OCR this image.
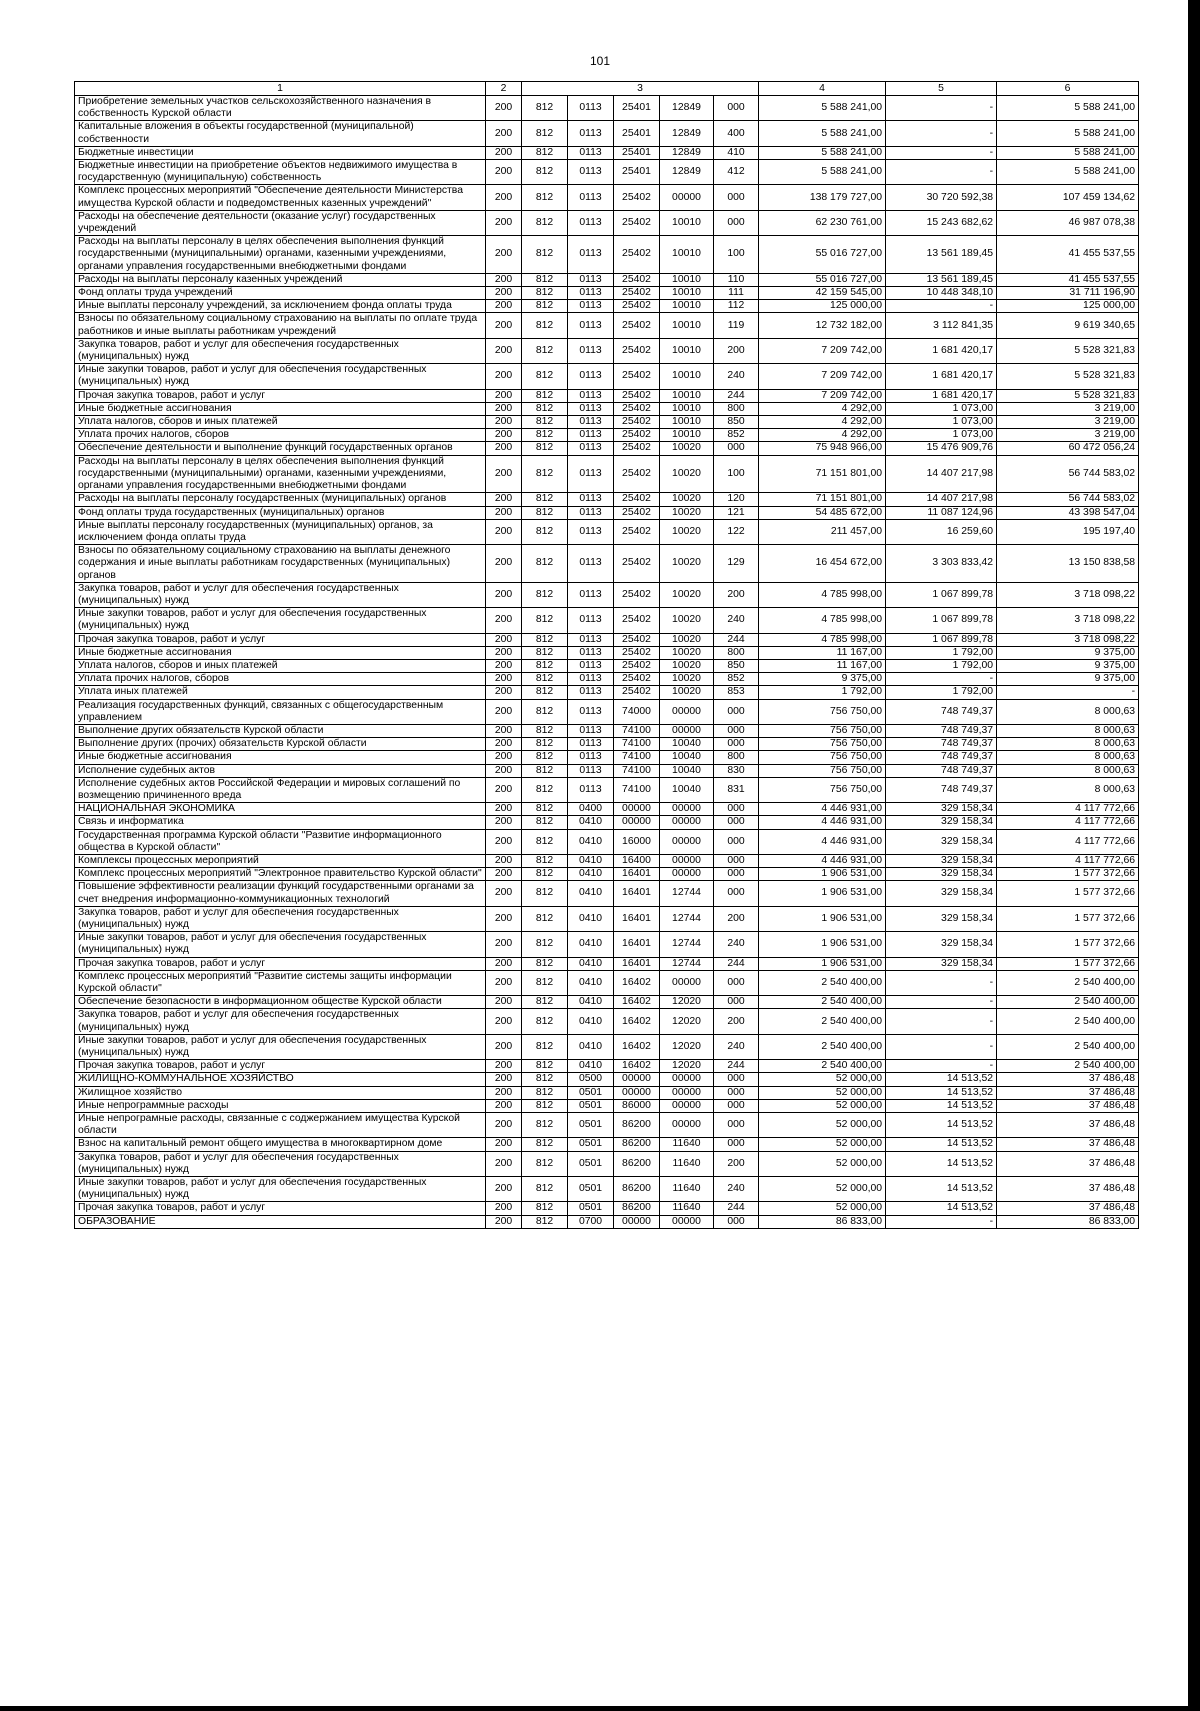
101
1	2	3					4	5	6
Приобретение земельных участков сельскохозяйственного назначения в собственность Курской области	200	812	0113	25401	12849	000	5 588 241,00	-	5 588 241,00
Капитальные вложения в объекты государственной (муниципальной) собственности	200	812	0113	25401	12849	400	5 588 241,00	-	5 588 241,00
Бюджетные инвестиции	200	812	0113	25401	12849	410	5 588 241,00	-	5 588 241,00
Бюджетные инвестиции на приобретение объектов недвижимого имущества в государственную (муниципальную) собственность	200	812	0113	25401	12849	412	5 588 241,00	-	5 588 241,00
Комплекс процессных мероприятий "Обеспечение деятельности Министерства имущества Курской области и подведомственных казенных учреждений"	200	812	0113	25402	00000	000	138 179 727,00	30 720 592,38	107 459 134,62
Расходы на обеспечение деятельности (оказание услуг) государственных учреждений	200	812	0113	25402	10010	000	62 230 761,00	15 243 682,62	46 987 078,38
Расходы на выплаты персоналу в целях обеспечения выполнения функций государственными (муниципальными) органами, казенными учреждениями, органами управления государственными внебюджетными фондами	200	812	0113	25402	10010	100	55 016 727,00	13 561 189,45	41 455 537,55
Расходы на выплаты персоналу казенных учреждений	200	812	0113	25402	10010	110	55 016 727,00	13 561 189,45	41 455 537,55
Фонд оплаты труда учреждений	200	812	0113	25402	10010	111	42 159 545,00	10 448 348,10	31 711 196,90
Иные выплаты персоналу учреждений, за исключением фонда оплаты труда	200	812	0113	25402	10010	112	125 000,00	-	125 000,00
Взносы по обязательному социальному страхованию на выплаты по оплате труда работников и иные выплаты работникам учреждений	200	812	0113	25402	10010	119	12 732 182,00	3 112 841,35	9 619 340,65
Закупка товаров, работ и услуг для обеспечения государственных (муниципальных) нужд	200	812	0113	25402	10010	200	7 209 742,00	1 681 420,17	5 528 321,83
Иные закупки товаров, работ и услуг для обеспечения государственных (муниципальных) нужд	200	812	0113	25402	10010	240	7 209 742,00	1 681 420,17	5 528 321,83
Прочая закупка товаров, работ и услуг	200	812	0113	25402	10010	244	7 209 742,00	1 681 420,17	5 528 321,83
Иные бюджетные ассигнования	200	812	0113	25402	10010	800	4 292,00	1 073,00	3 219,00
Уплата налогов, сборов и иных платежей	200	812	0113	25402	10010	850	4 292,00	1 073,00	3 219,00
Уплата прочих налогов, сборов	200	812	0113	25402	10010	852	4 292,00	1 073,00	3 219,00
Обеспечение деятельности и выполнение функций государственных органов	200	812	0113	25402	10020	000	75 948 966,00	15 476 909,76	60 472 056,24
Расходы на выплаты персоналу в целях обеспечения выполнения функций государственными (муниципальными) органами, казенными учреждениями, органами управления государственными внебюджетными фондами	200	812	0113	25402	10020	100	71 151 801,00	14 407 217,98	56 744 583,02
Расходы на выплаты персоналу государственных (муниципальных) органов	200	812	0113	25402	10020	120	71 151 801,00	14 407 217,98	56 744 583,02
Фонд оплаты труда государственных (муниципальных) органов	200	812	0113	25402	10020	121	54 485 672,00	11 087 124,96	43 398 547,04
Иные выплаты персоналу государственных (муниципальных) органов, за исключением фонда оплаты труда	200	812	0113	25402	10020	122	211 457,00	16 259,60	195 197,40
Взносы по обязательному социальному страхованию на выплаты денежного содержания и иные выплаты работникам государственных (муниципальных) органов	200	812	0113	25402	10020	129	16 454 672,00	3 303 833,42	13 150 838,58
Закупка товаров, работ и услуг для обеспечения государственных (муниципальных) нужд	200	812	0113	25402	10020	200	4 785 998,00	1 067 899,78	3 718 098,22
Иные закупки товаров, работ и услуг для обеспечения государственных (муниципальных) нужд	200	812	0113	25402	10020	240	4 785 998,00	1 067 899,78	3 718 098,22
Прочая закупка товаров, работ и услуг	200	812	0113	25402	10020	244	4 785 998,00	1 067 899,78	3 718 098,22
Иные бюджетные ассигнования	200	812	0113	25402	10020	800	11 167,00	1 792,00	9 375,00
Уплата налогов, сборов и иных платежей	200	812	0113	25402	10020	850	11 167,00	1 792,00	9 375,00
Уплата прочих налогов, сборов	200	812	0113	25402	10020	852	9 375,00	-	9 375,00
Уплата иных платежей	200	812	0113	25402	10020	853	1 792,00	1 792,00	-
Реализация государственных функций, связанных с общегосударственным управлением	200	812	0113	74000	00000	000	756 750,00	748 749,37	8 000,63
Выполнение других обязательств Курской области	200	812	0113	74100	00000	000	756 750,00	748 749,37	8 000,63
Выполнение других (прочих) обязательств Курской области	200	812	0113	74100	10040	000	756 750,00	748 749,37	8 000,63
Иные бюджетные ассигнования	200	812	0113	74100	10040	800	756 750,00	748 749,37	8 000,63
Исполнение судебных актов	200	812	0113	74100	10040	830	756 750,00	748 749,37	8 000,63
Исполнение судебных актов Российской Федерации и мировых соглашений по возмещению причиненного вреда	200	812	0113	74100	10040	831	756 750,00	748 749,37	8 000,63
НАЦИОНАЛЬНАЯ ЭКОНОМИКА	200	812	0400	00000	00000	000	4 446 931,00	329 158,34	4 117 772,66
Связь и информатика	200	812	0410	00000	00000	000	4 446 931,00	329 158,34	4 117 772,66
Государственная программа Курской области "Развитие информационного общества в Курской области"	200	812	0410	16000	00000	000	4 446 931,00	329 158,34	4 117 772,66
Комплексы процессных мероприятий	200	812	0410	16400	00000	000	4 446 931,00	329 158,34	4 117 772,66
Комплекс процессных мероприятий "Электронное правительство Курской области"	200	812	0410	16401	00000	000	1 906 531,00	329 158,34	1 577 372,66
Повышение эффективности реализации функций государственными органами за счет внедрения информационно-коммуникационных технологий	200	812	0410	16401	12744	000	1 906 531,00	329 158,34	1 577 372,66
Закупка товаров, работ и услуг для обеспечения государственных (муниципальных) нужд	200	812	0410	16401	12744	200	1 906 531,00	329 158,34	1 577 372,66
Иные закупки товаров, работ и услуг для обеспечения государственных (муниципальных) нужд	200	812	0410	16401	12744	240	1 906 531,00	329 158,34	1 577 372,66
Прочая закупка товаров, работ и услуг	200	812	0410	16401	12744	244	1 906 531,00	329 158,34	1 577 372,66
Комплекс процессных мероприятий "Развитие системы защиты информации Курской области"	200	812	0410	16402	00000	000	2 540 400,00	-	2 540 400,00
Обеспечение безопасности в информационном обществе Курской области	200	812	0410	16402	12020	000	2 540 400,00	-	2 540 400,00
Закупка товаров, работ и услуг для обеспечения государственных (муниципальных) нужд	200	812	0410	16402	12020	200	2 540 400,00	-	2 540 400,00
Иные закупки товаров, работ и услуг для обеспечения государственных (муниципальных) нужд	200	812	0410	16402	12020	240	2 540 400,00	-	2 540 400,00
Прочая закупка товаров, работ и услуг	200	812	0410	16402	12020	244	2 540 400,00	-	2 540 400,00
ЖИЛИЩНО-КОММУНАЛЬНОЕ ХОЗЯЙСТВО	200	812	0500	00000	00000	000	52 000,00	14 513,52	37 486,48
Жилищное хозяйство	200	812	0501	00000	00000	000	52 000,00	14 513,52	37 486,48
Иные непрограммные расходы	200	812	0501	86000	00000	000	52 000,00	14 513,52	37 486,48
Иные непрограмные расходы, связанные с соджержанием имущества Курской области	200	812	0501	86200	00000	000	52 000,00	14 513,52	37 486,48
Взнос на капитальный ремонт общего имущества в многоквартирном доме	200	812	0501	86200	11640	000	52 000,00	14 513,52	37 486,48
Закупка товаров, работ и услуг для обеспечения государственных (муниципальных) нужд	200	812	0501	86200	11640	200	52 000,00	14 513,52	37 486,48
Иные закупки товаров, работ и услуг для обеспечения государственных (муниципальных) нужд	200	812	0501	86200	11640	240	52 000,00	14 513,52	37 486,48
Прочая закупка товаров, работ и услуг	200	812	0501	86200	11640	244	52 000,00	14 513,52	37 486,48
ОБРАЗОВАНИЕ	200	812	0700	00000	00000	000	86 833,00	-	86 833,00
